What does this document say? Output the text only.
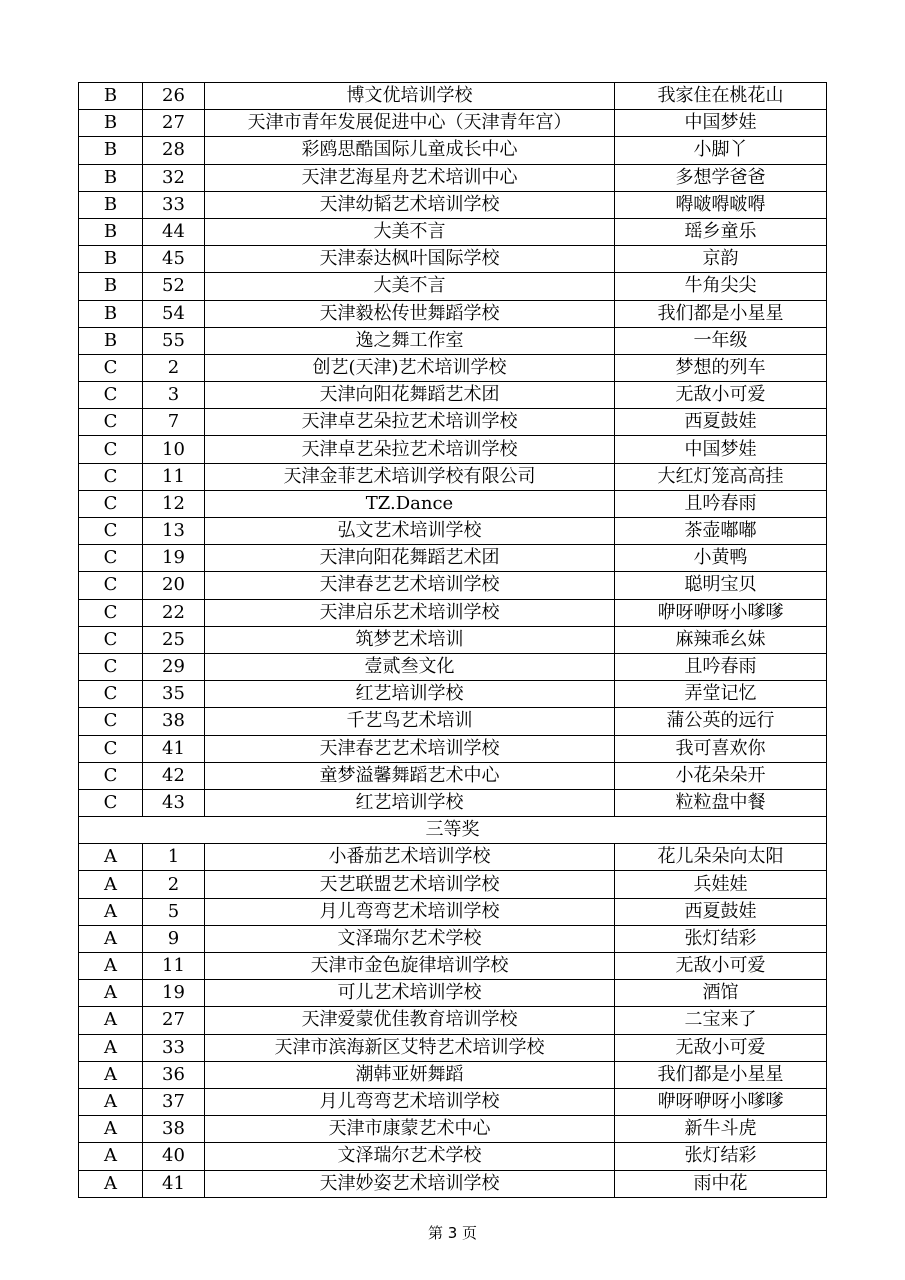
B	26	博文优培训学校	我家住在桃花山
B	27	天津市青年发展促进中心（天津青年宫）	中国梦娃
B	28	彩鸥思酷国际儿童成长中心	小脚丫
B	32	天津艺海星舟艺术培训中心	多想学爸爸
B	33	天津幼韬艺术培训学校	嘚啵嘚啵嘚
B	44	大美不言	瑶乡童乐
B	45	天津泰达枫叶国际学校	京韵
B	52	大美不言	牛角尖尖
B	54	天津毅松传世舞蹈学校	我们都是小星星
B	55	逸之舞工作室	一年级
C	2	创艺(天津)艺术培训学校	梦想的列车
C	3	天津向阳花舞蹈艺术团	无敌小可爱
C	7	天津卓艺朵拉艺术培训学校	西夏鼓娃
C	10	天津卓艺朵拉艺术培训学校	中国梦娃
C	11	天津金菲艺术培训学校有限公司	大红灯笼高高挂
C	12	TZ.Dance	且吟春雨
C	13	弘文艺术培训学校	茶壶嘟嘟
C	19	天津向阳花舞蹈艺术团	小黄鸭
C	20	天津春艺艺术培训学校	聪明宝贝
C	22	天津启乐艺术培训学校	咿呀咿呀小嗲嗲
C	25	筑梦艺术培训	麻辣乖幺妹
C	29	壹贰叁文化	且吟春雨
C	35	红艺培训学校	弄堂记忆
C	38	千艺鸟艺术培训	蒲公英的远行
C	41	天津春艺艺术培训学校	我可喜欢你
C	42	童梦溢馨舞蹈艺术中心	小花朵朵开
C	43	红艺培训学校	粒粒盘中餐
三等奖			
A	1	小番茄艺术培训学校	花儿朵朵向太阳
A	2	天艺联盟艺术培训学校	兵娃娃
A	5	月儿弯弯艺术培训学校	西夏鼓娃
A	9	文泽瑞尔艺术学校	张灯结彩
A	11	天津市金色旋律培训学校	无敌小可爱
A	19	可儿艺术培训学校	酒馆
A	27	天津爱蒙优佳教育培训学校	二宝来了
A	33	天津市滨海新区艾特艺术培训学校	无敌小可爱
A	36	潮韩亚妍舞蹈	我们都是小星星
A	37	月儿弯弯艺术培训学校	咿呀咿呀小嗲嗲
A	38	天津市康蒙艺术中心	新牛斗虎
A	40	文泽瑞尔艺术学校	张灯结彩
A	41	天津妙姿艺术培训学校	雨中花
第 3 页
